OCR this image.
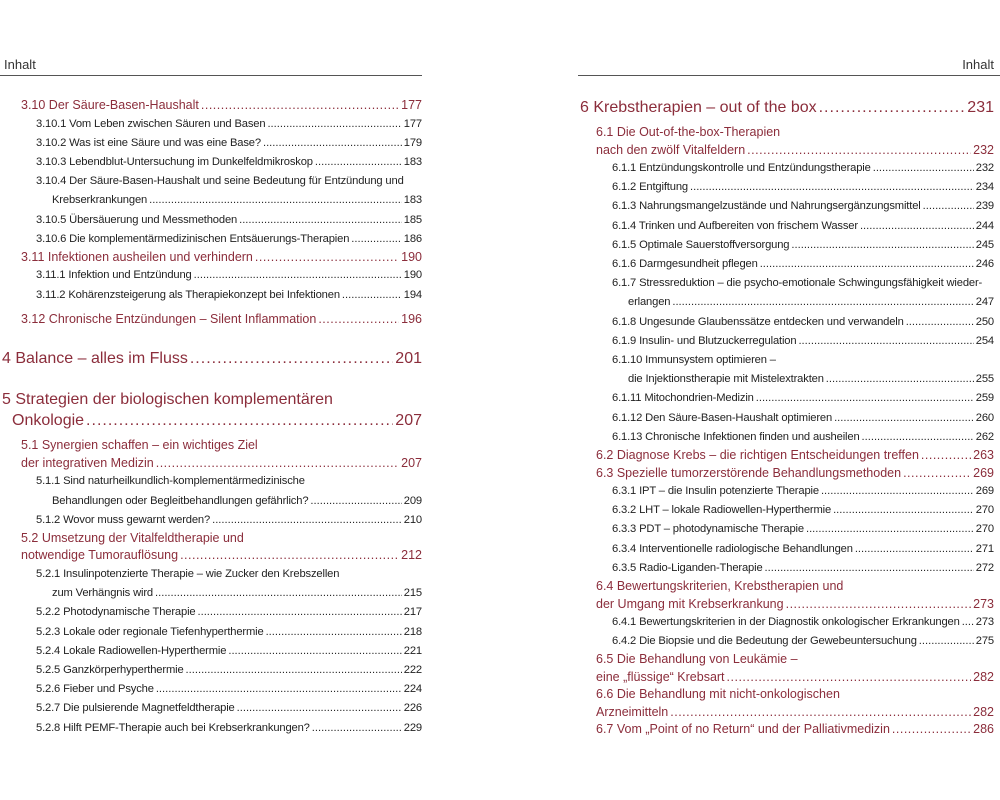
Inhalt
3.10 Der Säure-Basen-Haushalt .....	177
3.10.1 Vom Leben zwischen Säuren und Basen .....	177
3.10.2 Was ist eine Säure und was eine Base? .....	179
3.10.3 Lebendblut-Untersuchung im Dunkelfeldmikroskop .....	183
3.10.4 Der Säure-Basen-Haushalt und seine Bedeutung für Entzündung und
Krebserkrankungen .....	183
3.10.5 Übersäuerung und Messmethoden .....	185
3.10.6 Die komplementärmedizinischen Entsäuerungs-Therapien .....	186
3.11 Infektionen ausheilen und verhindern .....	190
3.11.1 Infektion und Entzündung .....	190
3.11.2 Kohärenzsteigerung als Therapiekonzept bei Infektionen .....	194
3.12 Chronische Entzündungen – Silent Inflammation .....	196
4 Balance – alles im Fluss .....	201
5 Strategien der biologischen komplementären
Onkologie .....	207
5.1 Synergien schaffen – ein wichtiges Ziel
der integrativen Medizin .....	207
5.1.1 Sind naturheilkundlich-komplementärmedizinische
Behandlungen oder Begleitbehandlungen gefährlich? .....	209
5.1.2 Wovor muss gewarnt werden? .....	210
5.2 Umsetzung der Vitalfeldtherapie und
notwendige Tumorauflösung .....	212
5.2.1 Insulinpotenzierte Therapie – wie Zucker den Krebszellen
zum Verhängnis wird .....	215
5.2.2 Photodynamische Therapie .....	217
5.2.3 Lokale oder regionale Tiefenhyperthermie .....	218
5.2.4 Lokale Radiowellen-Hyperthermie .....	221
5.2.5 Ganzkörperhyperthermie .....	222
5.2.6 Fieber und Psyche .....	224
5.2.7 Die pulsierende Magnetfeldtherapie .....	226
5.2.8 Hilft PEMF-Therapie auch bei Krebserkrankungen? .....	229
Inhalt
6 Krebstherapien – out of the box .....	231
6.1 Die Out-of-the-box-Therapien
nach den zwölf Vitalfeldern .....	232
6.1.1 Entzündungskontrolle und Entzündungstherapie .....	232
6.1.2 Entgiftung .....	234
6.1.3 Nahrungsmangelzustände und Nahrungsergänzungsmittel .....	239
6.1.4 Trinken und Aufbereiten von frischem Wasser .....	244
6.1.5 Optimale Sauerstoffversorgung .....	245
6.1.6 Darmgesundheit pflegen .....	246
6.1.7 Stressreduktion – die psycho-emotionale Schwingungsfähigkeit wieder-
erlangen .....	247
6.1.8 Ungesunde Glaubenssätze entdecken und verwandeln .....	250
6.1.9 Insulin- und Blutzuckerregulation .....	254
6.1.10 Immunsystem optimieren –
die Injektionstherapie mit Mistelextrakten .....	255
6.1.11 Mitochondrien-Medizin .....	259
6.1.12 Den Säure-Basen-Haushalt optimieren .....	260
6.1.13 Chronische Infektionen finden und ausheilen .....	262
6.2 Diagnose Krebs – die richtigen Entscheidungen treffen .....	263
6.3 Spezielle tumorzerstörende Behandlungsmethoden .....	269
6.3.1 IPT – die Insulin potenzierte Therapie .....	269
6.3.2 LHT – lokale Radiowellen-Hyperthermie .....	270
6.3.3 PDT – photodynamische Therapie .....	270
6.3.4 Interventionelle radiologische Behandlungen .....	271
6.3.5 Radio-Liganden-Therapie .....	272
6.4 Bewertungskriterien, Krebstherapien und
der Umgang mit Krebserkrankung .....	273
6.4.1 Bewertungskriterien in der Diagnostik onkologischer Erkrankungen ..... 273
6.4.2 Die Biopsie und die Bedeutung der Gewebeuntersuchung .....	275
6.5 Die Behandlung von Leukämie –
eine „flüssige“ Krebsart .....	282
6.6 Die Behandlung mit nicht-onkologischen
Arzneimitteln .....	282
6.7 Vom „Point of no Return“ und der Palliativmedizin .....	286
